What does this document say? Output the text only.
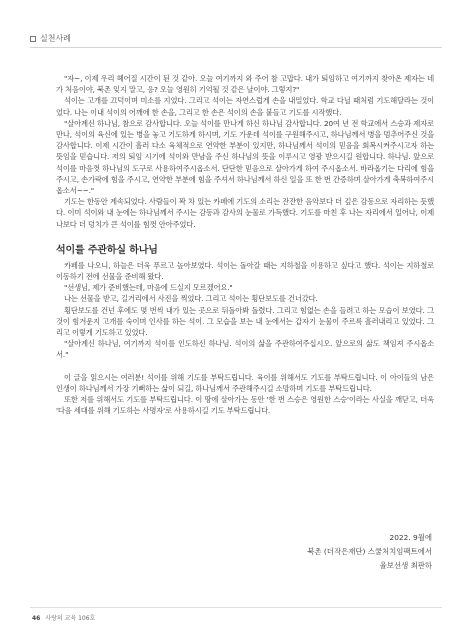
실천사례

"자~, 이제 우리 헤어질 시간이 된 것 같아. 오늘 여기까지 와 주어 참 고맙다. 내가 퇴임하고 여기까지 찾아온 제자는 네가 처음이야, 북촌 잊지 말고, 응? 오늘 영원히 기억될 것 같은 날이야. 그렇지?"

석이는 고개를 끄덕이며 미소를 지었다. 그리고 석이는 자연스럽게 손을 내밀었다. 학교 다닐 때처럼 기도해달라는 것이었다. 나는 이내 석이의 어깨에 한 손을, 그리고 한 손은 석이의 손을 붙들고 기도를 시작했다.

"살아계신 하나님, 참으로 감사합니다. 오늘 석이를 만나게 하신 하나님 감사합니다. 20여 년 전 학교에서 스승과 제자로 만나, 석이의 육신에 있는 병을 놓고 기도하게 하시며, 기도 가운데 석이를 구원해주시고, 하나님께서 병을 멈추어주신 것을 감사합니다. 이제 시간이 흘러 다소 육체적으로 연약한 부분이 있지만, 하나님께서 석이의 믿음을 회복시켜주시고자 하는 뜻임을 믿습니다. 저의 퇴임 시기에 석이와 만남을 주신 하나님의 뜻을 이루시고 영광 받으시길 원합니다. 하나님. 앞으로 석이를 마음껏 하나님의 도구로 사용하여주시옵소서. 단단한 믿음으로 살아가게 하여 주시옵소서. 바라옵기는 다리에 힘을 주시고, 손가락에 힘을 주시고, 연약한 부분에 힘을 주셔서 하나님께서 하신 일을 또 한 번 간증하며 살아가게 축복하여주시옵소서~~."

기도는 한동안 계속되었다. 사람들이 꽉 차 있는 카페에 기도의 소리는 잔잔한 음악보다 더 깊은 감동으로 자리하는 듯했다. 이미 석이와 내 눈에는 하나님께서 주시는 감동과 감사의 눈물로 가득했다. 기도를 마친 후 나는 자리에서 일어나, 이제 나보다 더 덩치가 큰 석이를 힘껏 안아주었다.

석이를 주관하실 하나님

카페를 나오니, 하늘은 더욱 푸르고 높아보였다. 석이는 돌아갈 때는 지하철을 이용하고 싶다고 했다. 석이는 지하철로 이동하기 전에 선물을 준비해 왔다.

"선생님, 제가 준비했는데, 마음에 드실지 모르겠어요."

나는 선물을 받고, 길거리에서 사진을 찍었다. 그리고 석이는 횡단보도를 건너갔다.

횡단보도를 건넌 후에도 몇 번씩 내가 있는 곳으로 뒤돌아봐 돌렸다. 그리고 힘없는 손을 들려고 하는 모습이 보였다. 그것이 힘겨운지 고개를 숙이며 인사를 하는 석이. 그 모습을 보는 내 눈에서는 갑자기 눈물이 주르륵 흘러내리고 있었다. 그리고 이렇게 기도하고 있었다.

"살아계신 하나님, 여기까지 석이를 인도하신 하나님. 석이의 삶을 주관하여주십시오. 앞으로의 삶도 책임져 주시옵소서."

이 글을 읽으시는 여러분! 석이를 위해 기도를 부탁드립니다. 육이를 위해서도 기도를 부탁드립니다. 이 아이들의 남은 인생이 하나님께서 가장 기뻐하는 삶이 되길, 하나님께서 주관해주시길 소망하며 기도를 부탁드립니다.

또한 저를 위해서도 기도를 부탁드립니다. 이 땅에 살아가는 동안 '한 번 스승은 영원한 스승'이라는 사실을 깨닫고, 더욱 '다음 세대를 위해 기도하는 사명자'로 사용하시길 기도 부탁드립니다.

2022. 9월에
북촌 (더작은재단) 스쿨처치임팩트에서
율보선생 최판하
46 사랑의 교육 106호
